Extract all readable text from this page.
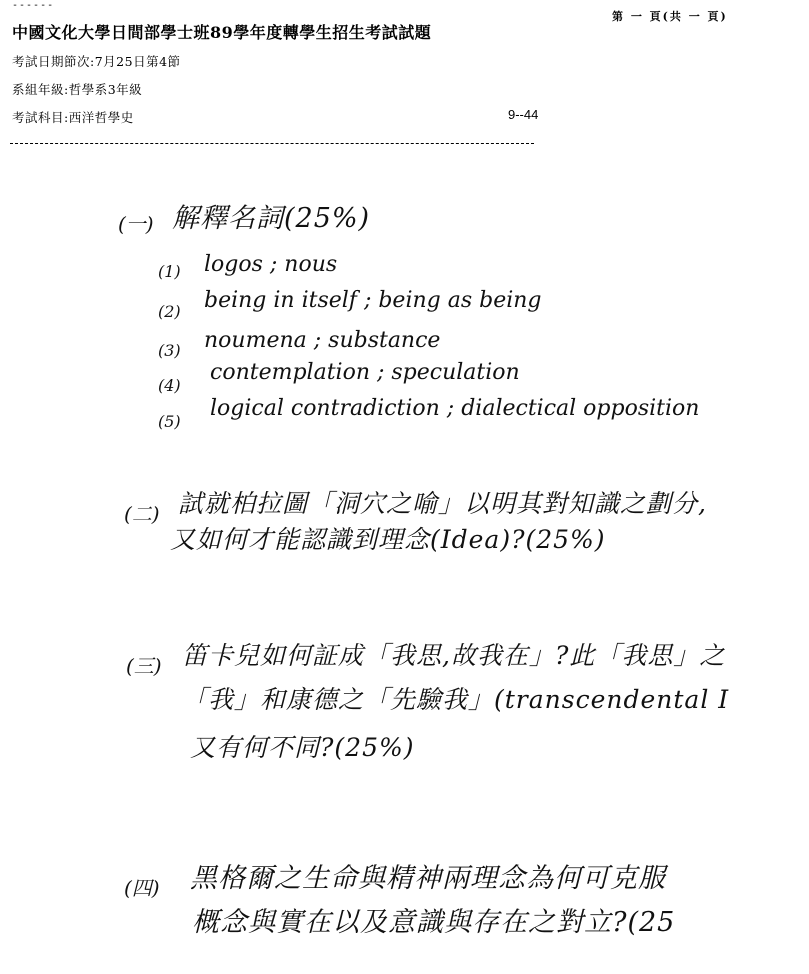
------
第 一 頁(共 一 頁)
中國文化大學日間部學士班89學年度轉學生招生考試試題
考試日期節次:7月25日第4節
系組年級:哲學系3年級
考試科目:西洋哲學史	9--44
(一) 解釋名詞(25%)
(1) logos ; nous
(2) being in itself ; being as being
(3) noumena ; substance
(4)
contemplation ; speculation
(5)
logical contradiction ; dialectical opposition
(二) 試就柏拉圖「洞穴之喻」以明其對知識之劃分,
又如何才能認識到理念(Idea)?(25%)
(三) 笛卡兒如何証成「我思,故我在」?此「我思」之
「我」和康德之「先驗我」(transcendental I
又有何不同?(25%)
(四) 黑格爾之生命與精神兩理念為何可克服
概念與實在以及意識與存在之對立?(25
